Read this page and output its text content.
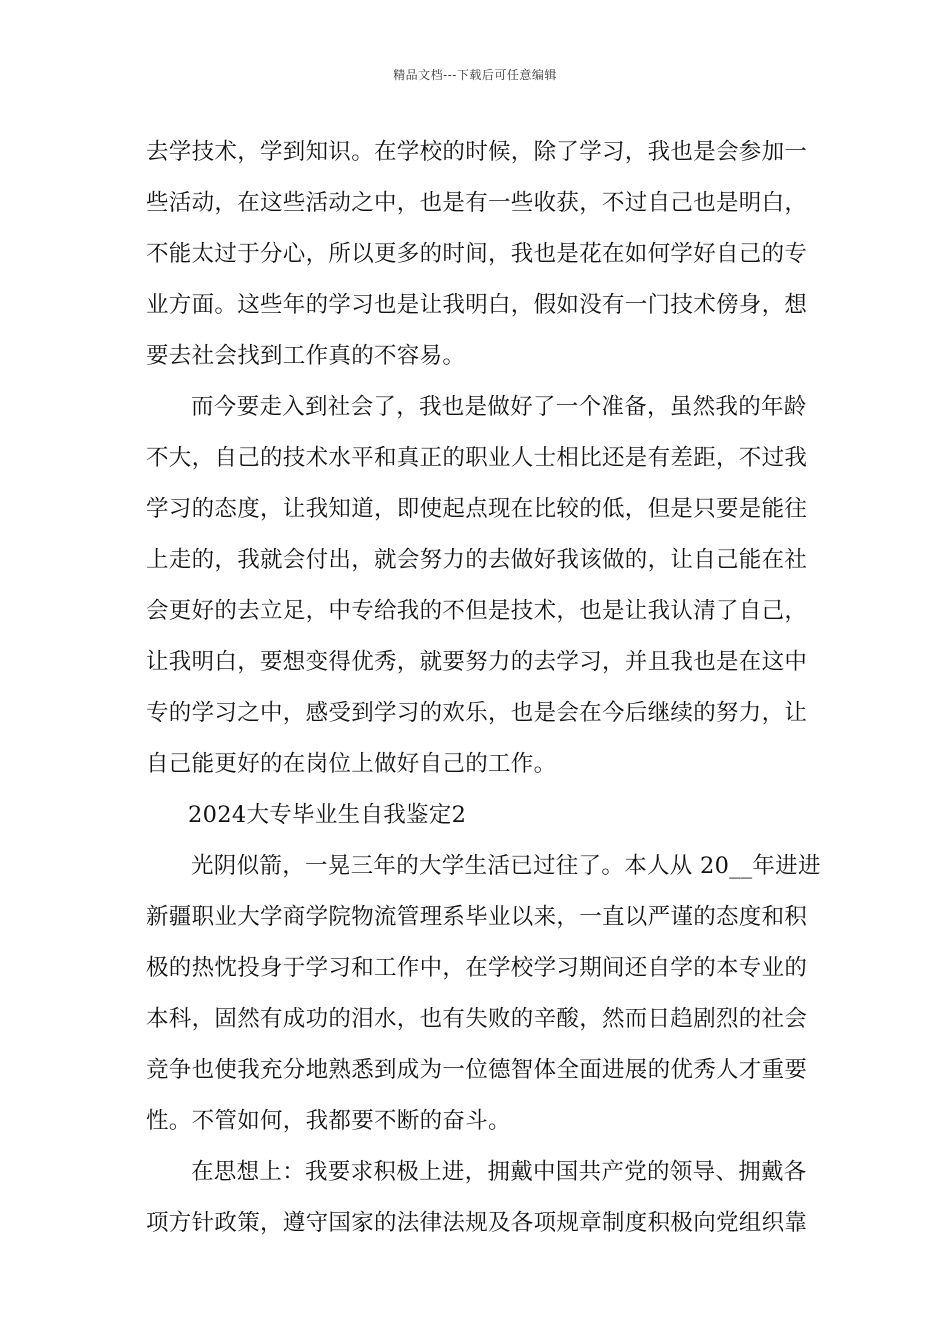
精品文档---下载后可任意编辑
去学技术，学到知识。在学校的时候，除了学习，我也是会参加一
些活动，在这些活动之中，也是有一些收获，不过自己也是明白，
不能太过于分心，所以更多的时间，我也是花在如何学好自己的专
业方面。这些年的学习也是让我明白，假如没有一门技术傍身，想
要去社会找到工作真的不容易。
而今要走入到社会了，我也是做好了一个准备，虽然我的年龄
不大，自己的技术水平和真正的职业人士相比还是有差距，不过我
学习的态度，让我知道，即使起点现在比较的低，但是只要是能往
上走的，我就会付出，就会努力的去做好我该做的，让自己能在社
会更好的去立足，中专给我的不但是技术，也是让我认清了自己，
让我明白，要想变得优秀，就要努力的去学习，并且我也是在这中
专的学习之中，感受到学习的欢乐，也是会在今后继续的努力，让
自己能更好的在岗位上做好自己的工作。
2024大专毕业生自我鉴定2
光阴似箭，一晃三年的大学生活已过往了。本人从 20__年进进
新疆职业大学商学院物流管理系毕业以来，一直以严谨的态度和积
极的热忱投身于学习和工作中，在学校学习期间还自学的本专业的
本科，固然有成功的泪水，也有失败的辛酸，然而日趋剧烈的社会
竞争也使我充分地熟悉到成为一位德智体全面进展的优秀人才重要
性。不管如何，我都要不断的奋斗。
在思想上：我要求积极上进，拥戴中国共产党的领导、拥戴各
项方针政策，遵守国家的法律法规及各项规章制度积极向党组织靠
